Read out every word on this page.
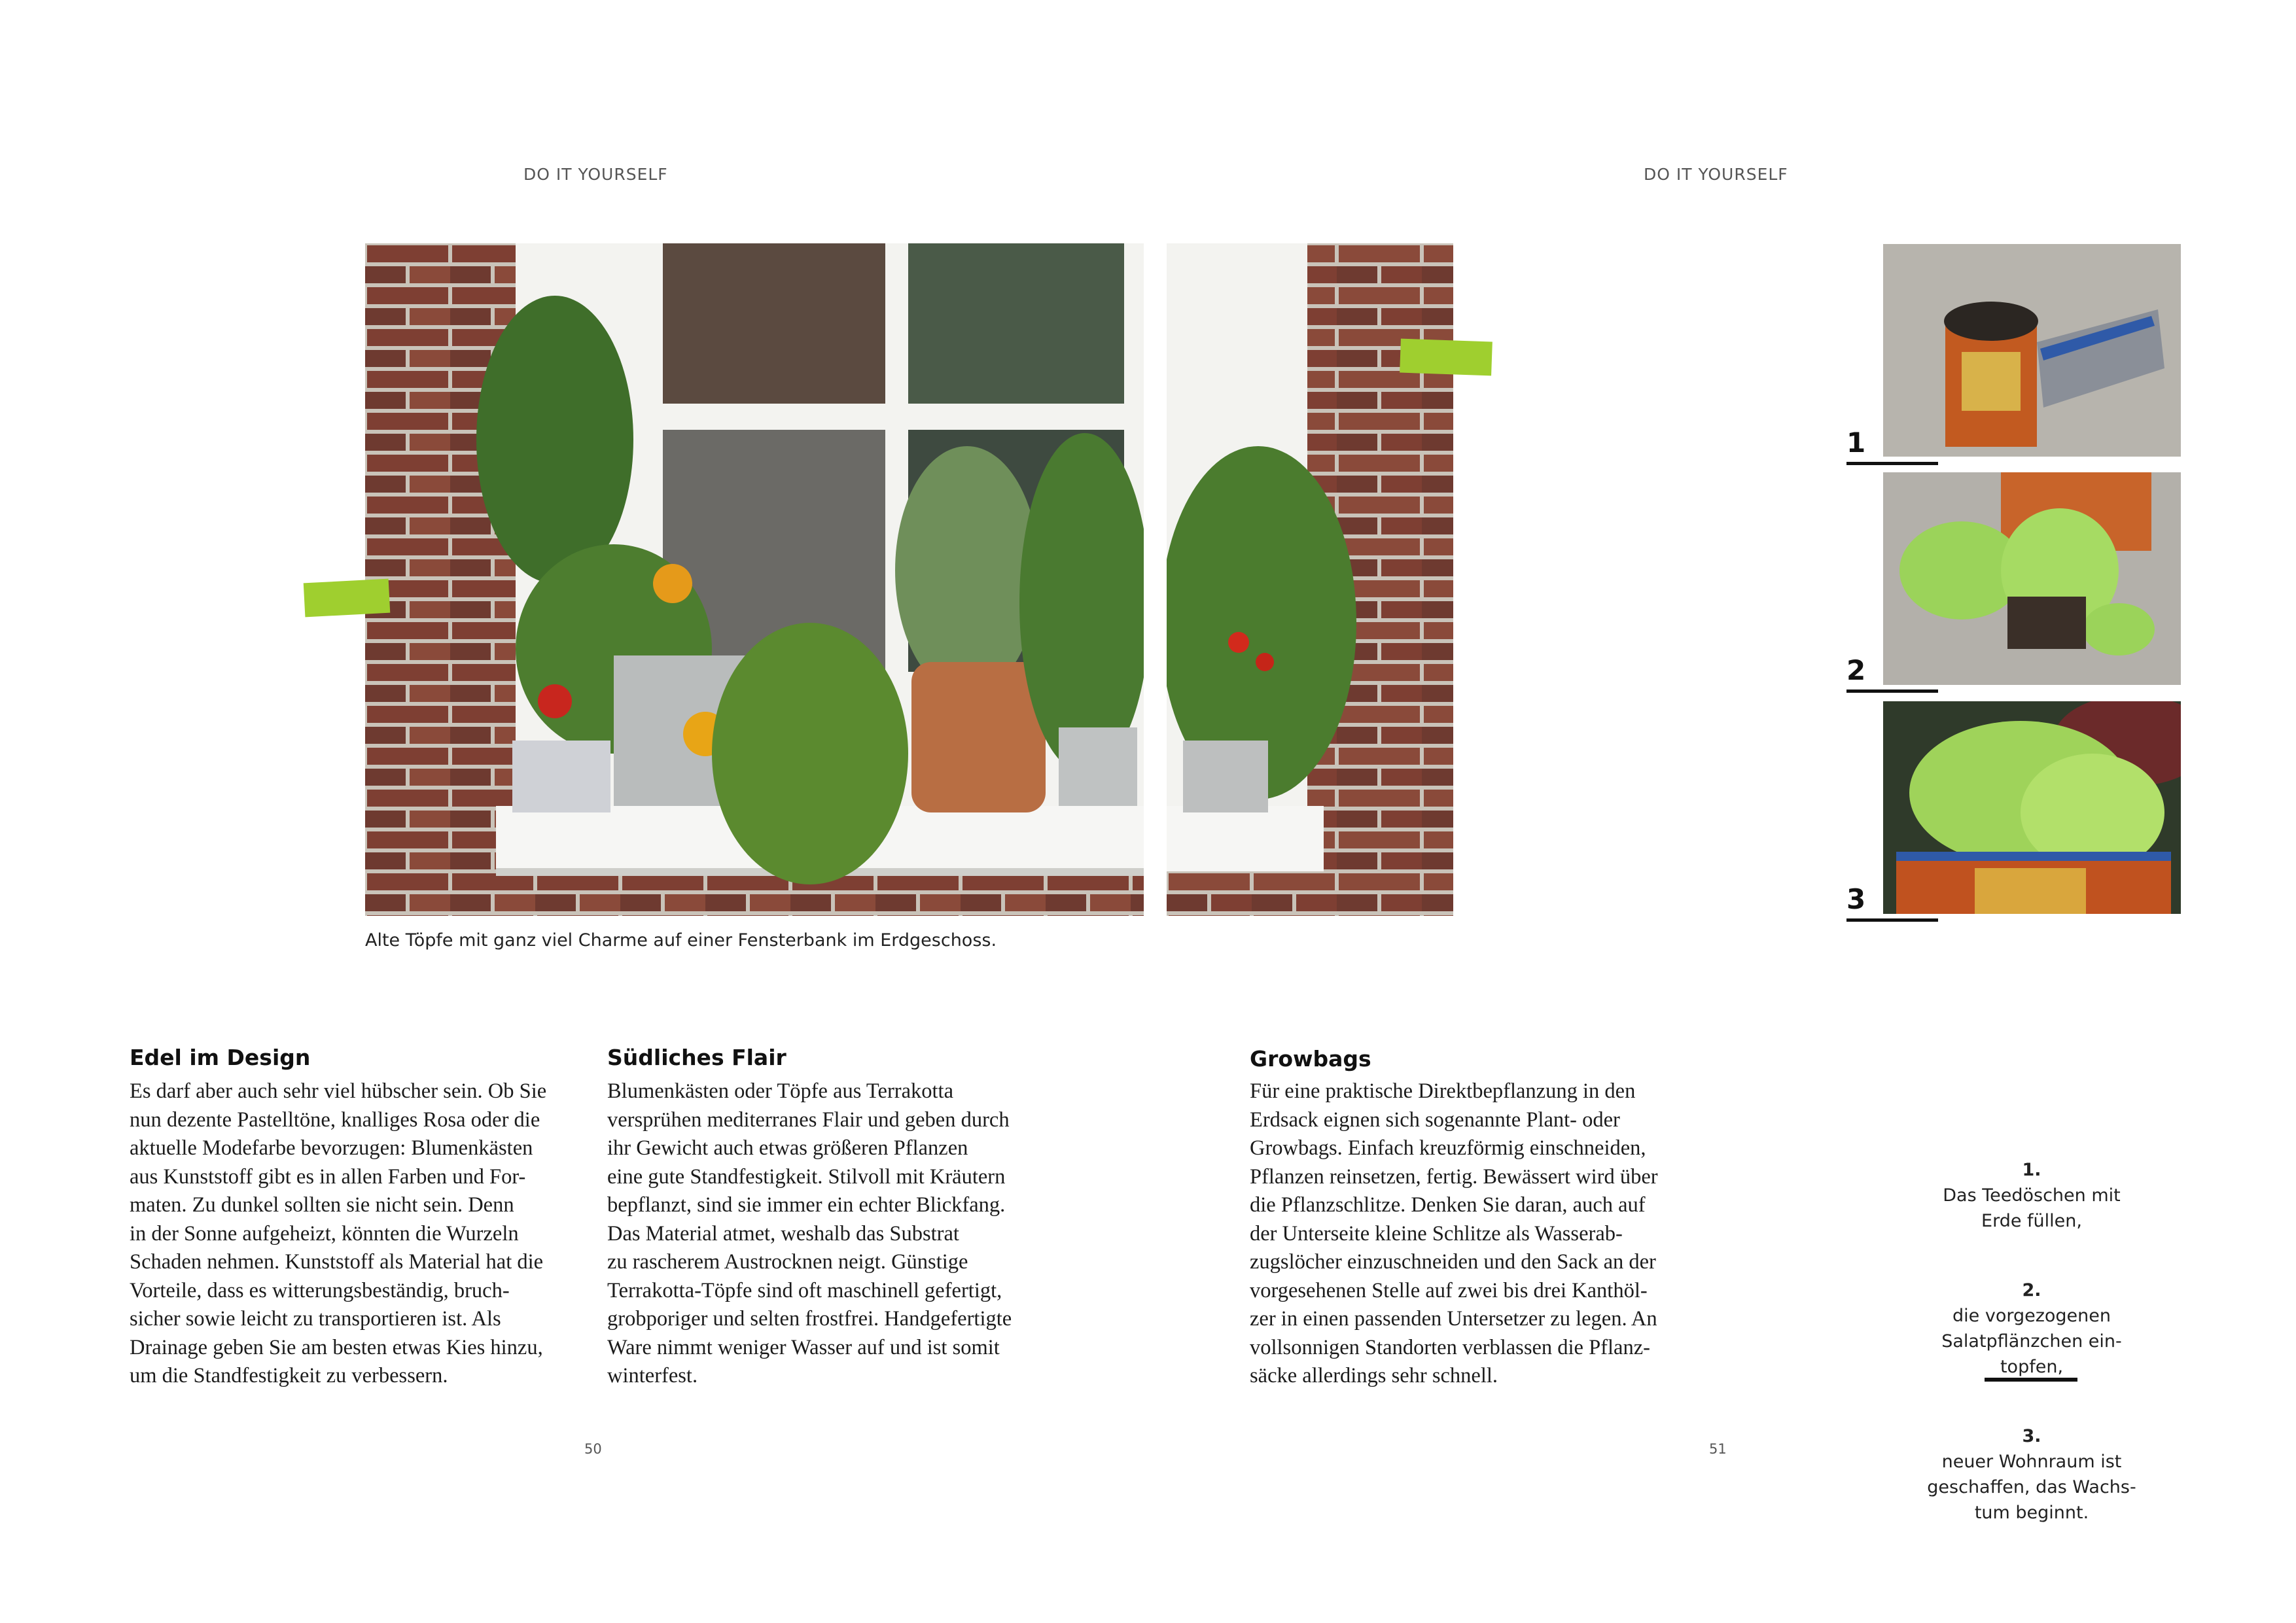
DO IT YOURSELF
Alte Töpfe mit ganz viel Charme auf einer Fensterbank im Erdgeschoss.
Edel im Design
Es darf aber auch sehr viel hübscher sein. Ob Sie
nun dezente Pastelltöne, knalliges Rosa oder die
aktuelle Modefarbe bevorzugen: Blumenkästen
aus Kunststoff gibt es in allen Farben und For-
maten. Zu dunkel sollten sie nicht sein. Denn
in der Sonne aufgeheizt, könnten die Wurzeln
Schaden nehmen. Kunststoff als Material hat die
Vorteile, dass es witterungsbeständig, bruch-
sicher sowie leicht zu transportieren ist. Als
Drainage geben Sie am besten etwas Kies hinzu,
um die Standfestigkeit zu verbessern.
Südliches Flair
Blumenkästen oder Töpfe aus Terrakotta
versprühen mediterranes Flair und geben durch
ihr Gewicht auch etwas größeren Pflanzen
eine gute Standfestigkeit. Stilvoll mit Kräutern
bepflanzt, sind sie immer ein echter Blickfang.
Das Material atmet, weshalb das Substrat
zu rascherem Austrocknen neigt. Günstige
Terrakotta-Töpfe sind oft maschinell gefertigt,
grobporiger und selten frostfrei. Handgefertigte
Ware nimmt weniger Wasser auf und ist somit
winterfest.
50
DO IT YOURSELF
1
2
3
Growbags
Für eine praktische Direktbepflanzung in den
Erdsack eignen sich sogenannte Plant- oder
Growbags. Einfach kreuzförmig einschneiden,
Pflanzen reinsetzen, fertig. Bewässert wird über
die Pflanzschlitze. Denken Sie daran, auch auf
der Unterseite kleine Schlitze als Wasserab-
zugslöcher einzuschneiden und den Sack an der
vorgesehenen Stelle auf zwei bis drei Kanthöl-
zer in einen passenden Untersetzer zu legen. An
vollsonnigen Standorten verblassen die Pflanz-
säcke allerdings sehr schnell.

1.
Das Teedöschen mit
Erde füllen,

2.
die vorgezogenen
Salatpflänzchen ein-
topfen,

3.
neuer Wohnraum ist
geschaffen, das Wachs-
tum beginnt.

51
